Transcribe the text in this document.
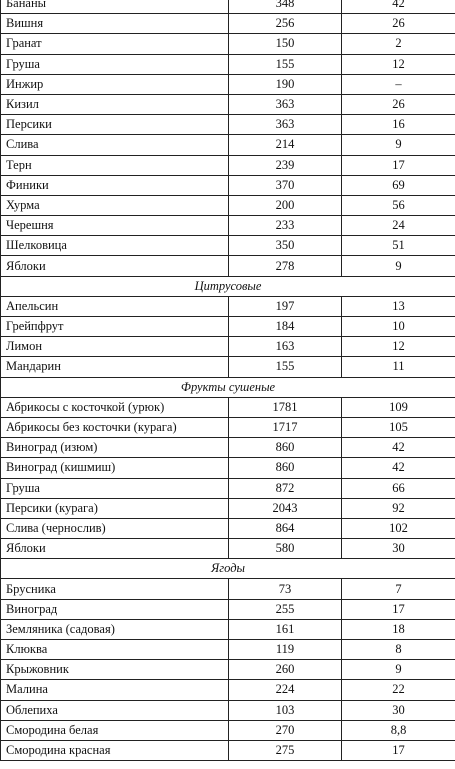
Бананы	348	42
Вишня	256	26
Гранат	150	2
Груша	155	12
Инжир	190	–
Кизил	363	26
Персики	363	16
Слива	214	9
Терн	239	17
Финики	370	69
Хурма	200	56
Черешня	233	24
Шелковица	350	51
Яблоки	278	9
Цитрусовые		
Апельсин	197	13
Грейпфрут	184	10
Лимон	163	12
Мандарин	155	11
Фрукты сушеные		
Абрикосы с косточкой (урюк)	1781	109
Абрикосы без косточки (курага)	1717	105
Виноград (изюм)	860	42
Виноград (кишмиш)	860	42
Груша	872	66
Персики (курага)	2043	92
Слива (чернослив)	864	102
Яблоки	580	30
Ягоды		
Брусника	73	7
Виноград	255	17
Земляника (садовая)	161	18
Клюква	119	8
Крыжовник	260	9
Малина	224	22
Облепиха	103	30
Смородина белая	270	8,8
Смородина красная	275	17
